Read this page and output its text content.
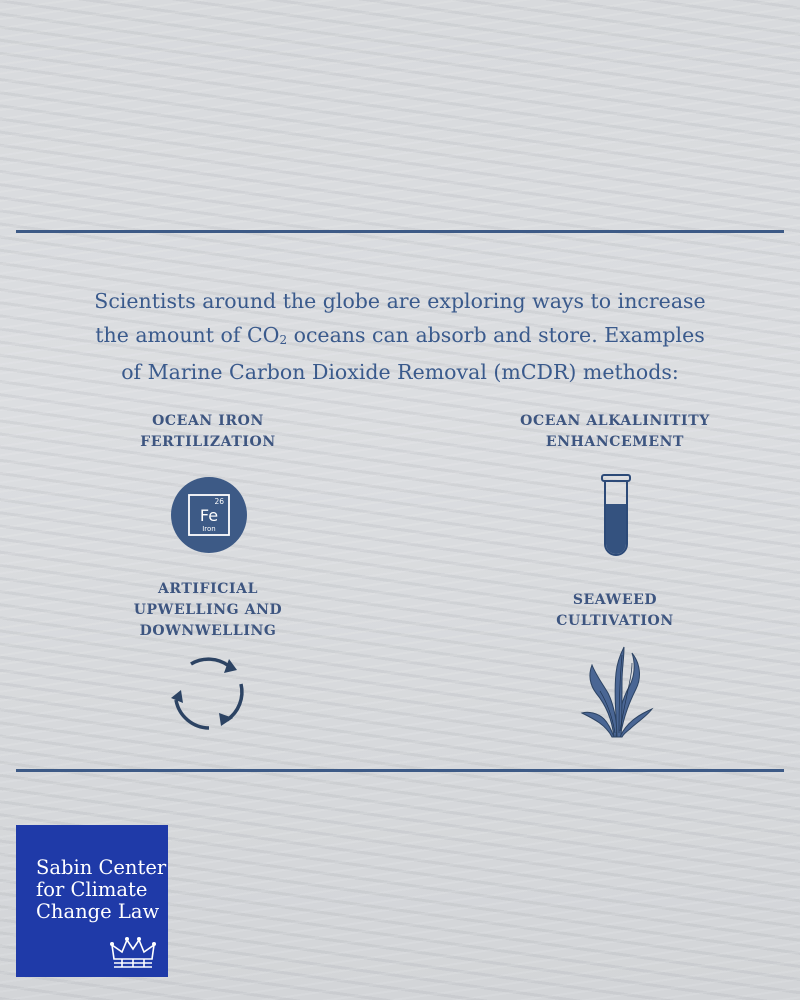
Scientists around the globe are exploring ways to increase
the amount of $CO_2$ oceans can absorb and store. Examples
of Marine Carbon Dioxide Removal (mCDR) methods:

OCEAN IRON
FERTILIZATION
26
Fe
Iron
OCEAN ALKALINITITY
ENHANCEMENT
ARTIFICIAL
UPWELLING AND
DOWNWELLING
SEAWEED
CULTIVATION
Sabin Center
for Climate
Change Law
